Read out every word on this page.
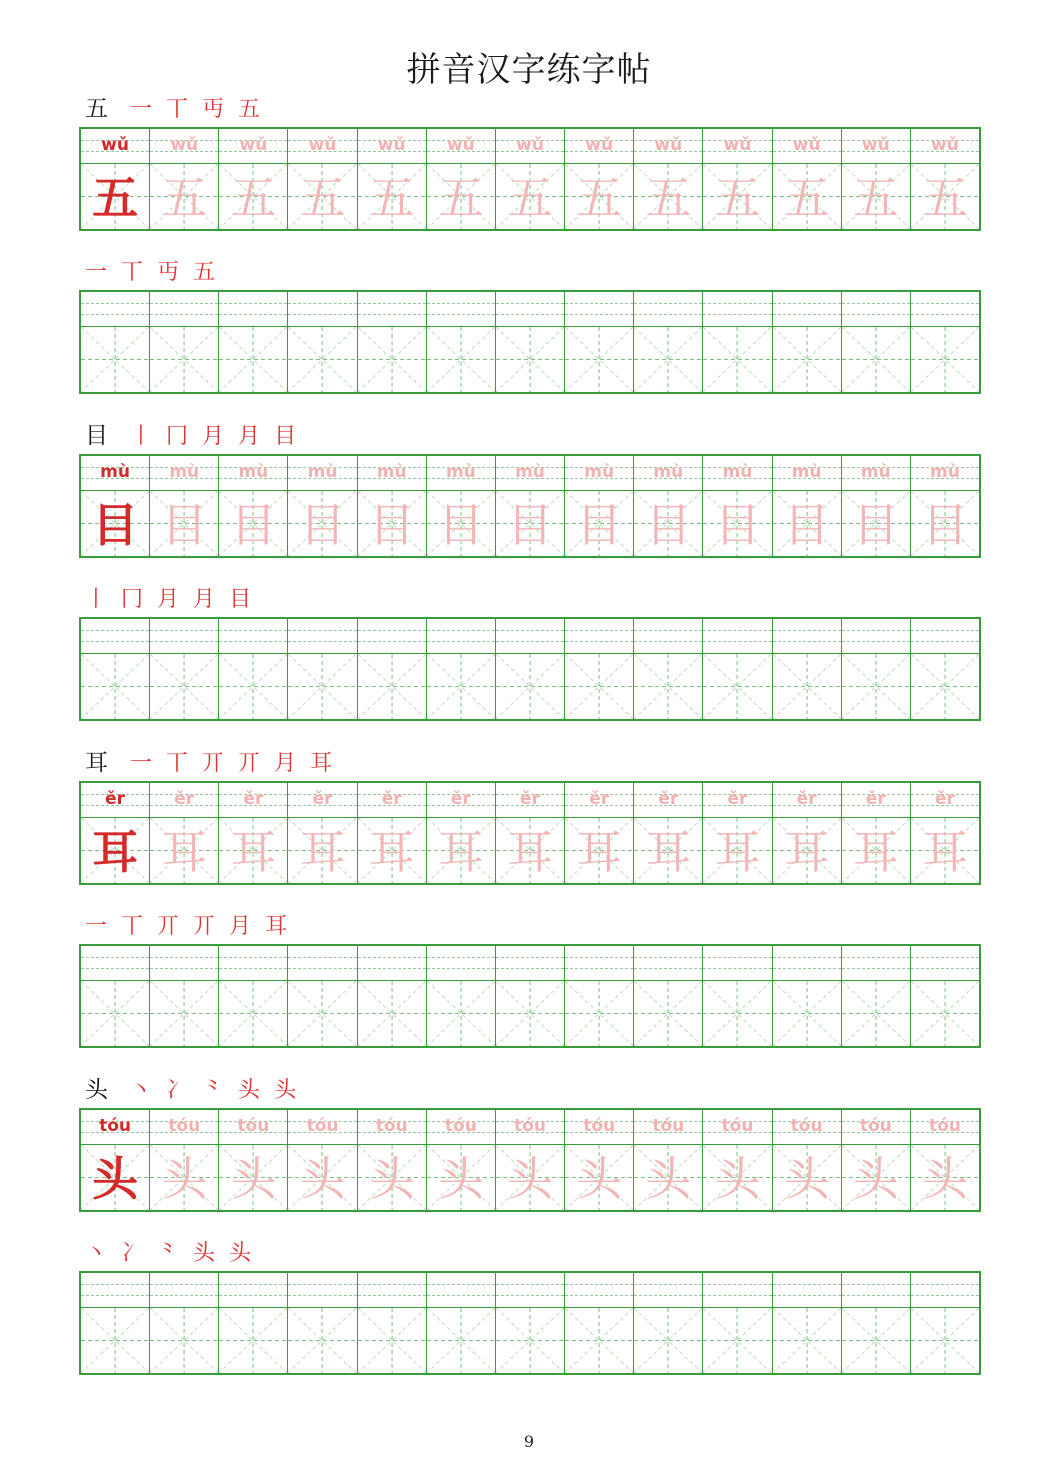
拼音汉字练字帖
五 一 丅 丏 五
wǔ
五
wǔ
五
wǔ
五
wǔ
五
wǔ
五
wǔ
五
wǔ
五
wǔ
五
wǔ
五
wǔ
五
wǔ
五
wǔ
五
wǔ
五
一 丅 丏 五
目 丨 冂 月 月 目
mù
目
mù
目
mù
目
mù
目
mù
目
mù
目
mù
目
mù
目
mù
目
mù
目
mù
目
mù
目
mù
目
丨 冂 月 月 目
耳 一 丅 丌 丌 月 耳
ěr
耳
ěr
耳
ěr
耳
ěr
耳
ěr
耳
ěr
耳
ěr
耳
ěr
耳
ěr
耳
ěr
耳
ěr
耳
ěr
耳
ěr
耳
一 丅 丌 丌 月 耳
头 丶 冫 ⺀ 头 头
tóu
头
tóu
头
tóu
头
tóu
头
tóu
头
tóu
头
tóu
头
tóu
头
tóu
头
tóu
头
tóu
头
tóu
头
tóu
头
丶 冫 ⺀ 头 头
9
